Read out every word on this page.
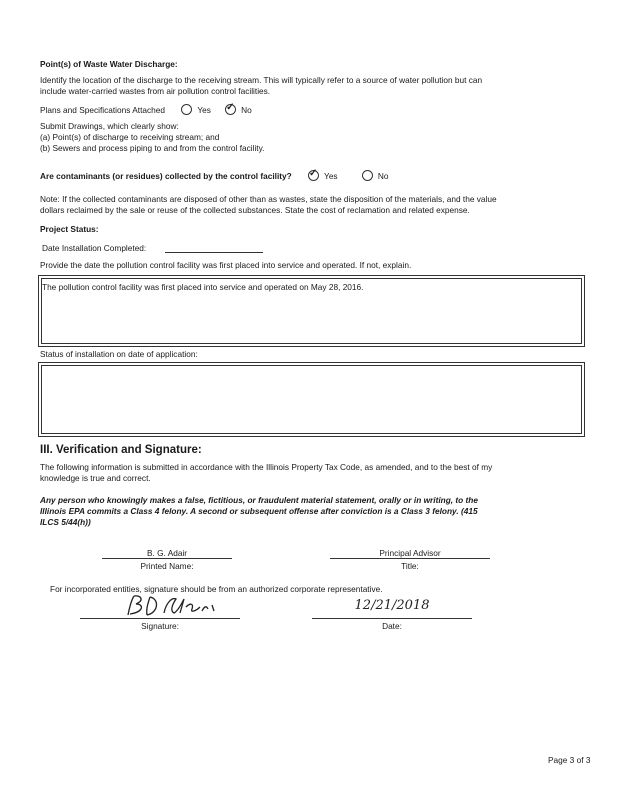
Point(s) of Waste Water Discharge:
Identify the location of the discharge to the receiving stream. This will typically refer to a source of water pollution but can
include water-carried wastes from air pollution control facilities.
Plans and Specifications Attached	Yes ✓	No
Submit Drawings, which clearly show:
(a) Point(s) of discharge to receiving stream; and
(b) Sewers and process piping to and from the control facility.
Are contaminants (or residues) collected by the control facility? ✓	Yes	No
Note: If the collected contaminants are disposed of other than as wastes, state the disposition of the materials, and the value
dollars reclaimed by the sale or reuse of the collected substances. State the cost of reclamation and related expense.
Project Status:
Date Installation Completed:
Provide the date the pollution control facility was first placed into service and operated. If not, explain.
The pollution control facility was first placed into service and operated on May 28, 2016.
Status of installation on date of application:
III. Verification and Signature:
The following information is submitted in accordance with the Illinois Property Tax Code, as amended, and to the best of my
knowledge is true and correct.
Any person who knowingly makes a false, fictitious, or fraudulent material statement, orally or in writing, to the
Illinois EPA commits a Class 4 felony. A second or subsequent offense after conviction is a Class 3 felony. (415
ILCS 5/44(h))
B. G. Adair
Printed Name:
Principal Advisor
Title:
For incorporated entities, signature should be from an authorized corporate representative.
Signature:
12/21/2018
Date:
Page 3 of 3
